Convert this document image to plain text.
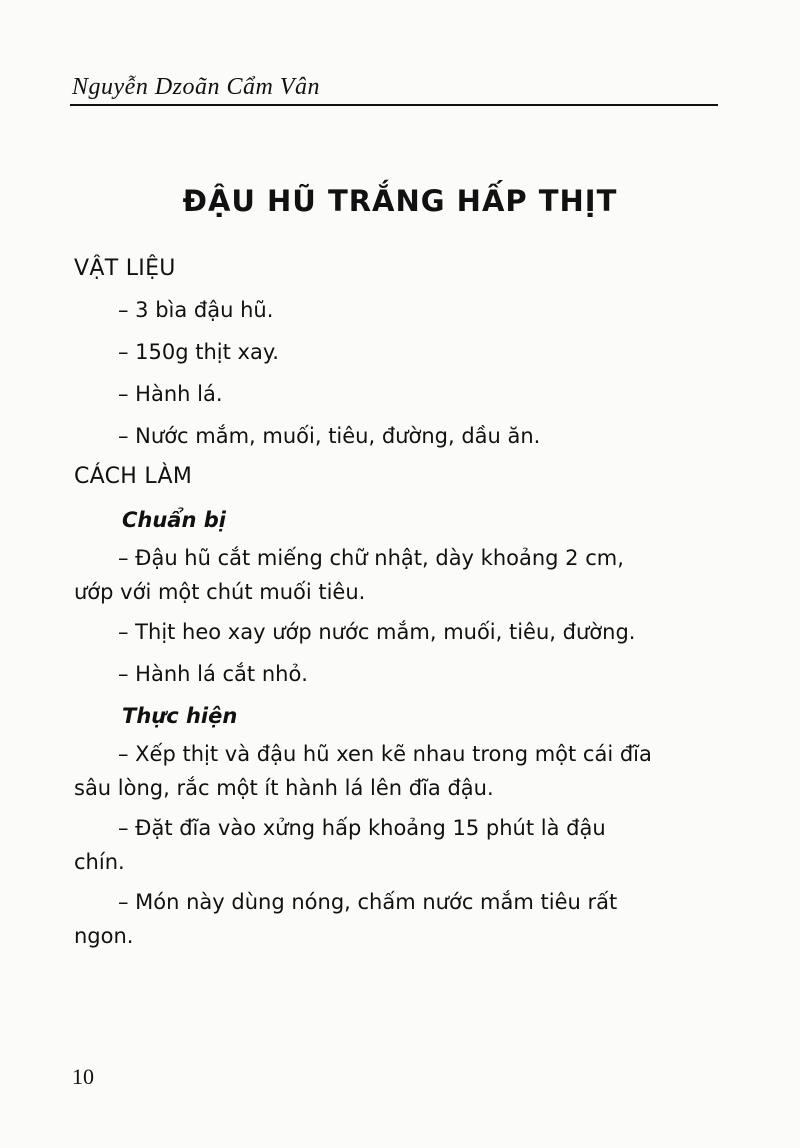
Nguyễn Dzoãn Cẩm Vân
ĐẬU HŨ TRẮNG HẤP THỊT
VẬT LIỆU
– 3 bìa đậu hũ.
– 150g thịt xay.
– Hành lá.
– Nước mắm, muối, tiêu, đường, dầu ăn.
CÁCH LÀM
Chuẩn bị
– Đậu hũ cắt miếng chữ nhật, dày khoảng 2 cm,
ướp với một chút muối tiêu.
– Thịt heo xay ướp nước mắm, muối, tiêu, đường.
– Hành lá cắt nhỏ.
Thực hiện
– Xếp thịt và đậu hũ xen kẽ nhau trong một cái đĩa
sâu lòng, rắc một ít hành lá lên đĩa đậu.
– Đặt đĩa vào xửng hấp khoảng 15 phút là đậu
chín.
– Món này dùng nóng, chấm nước mắm tiêu rất
ngon.
10
